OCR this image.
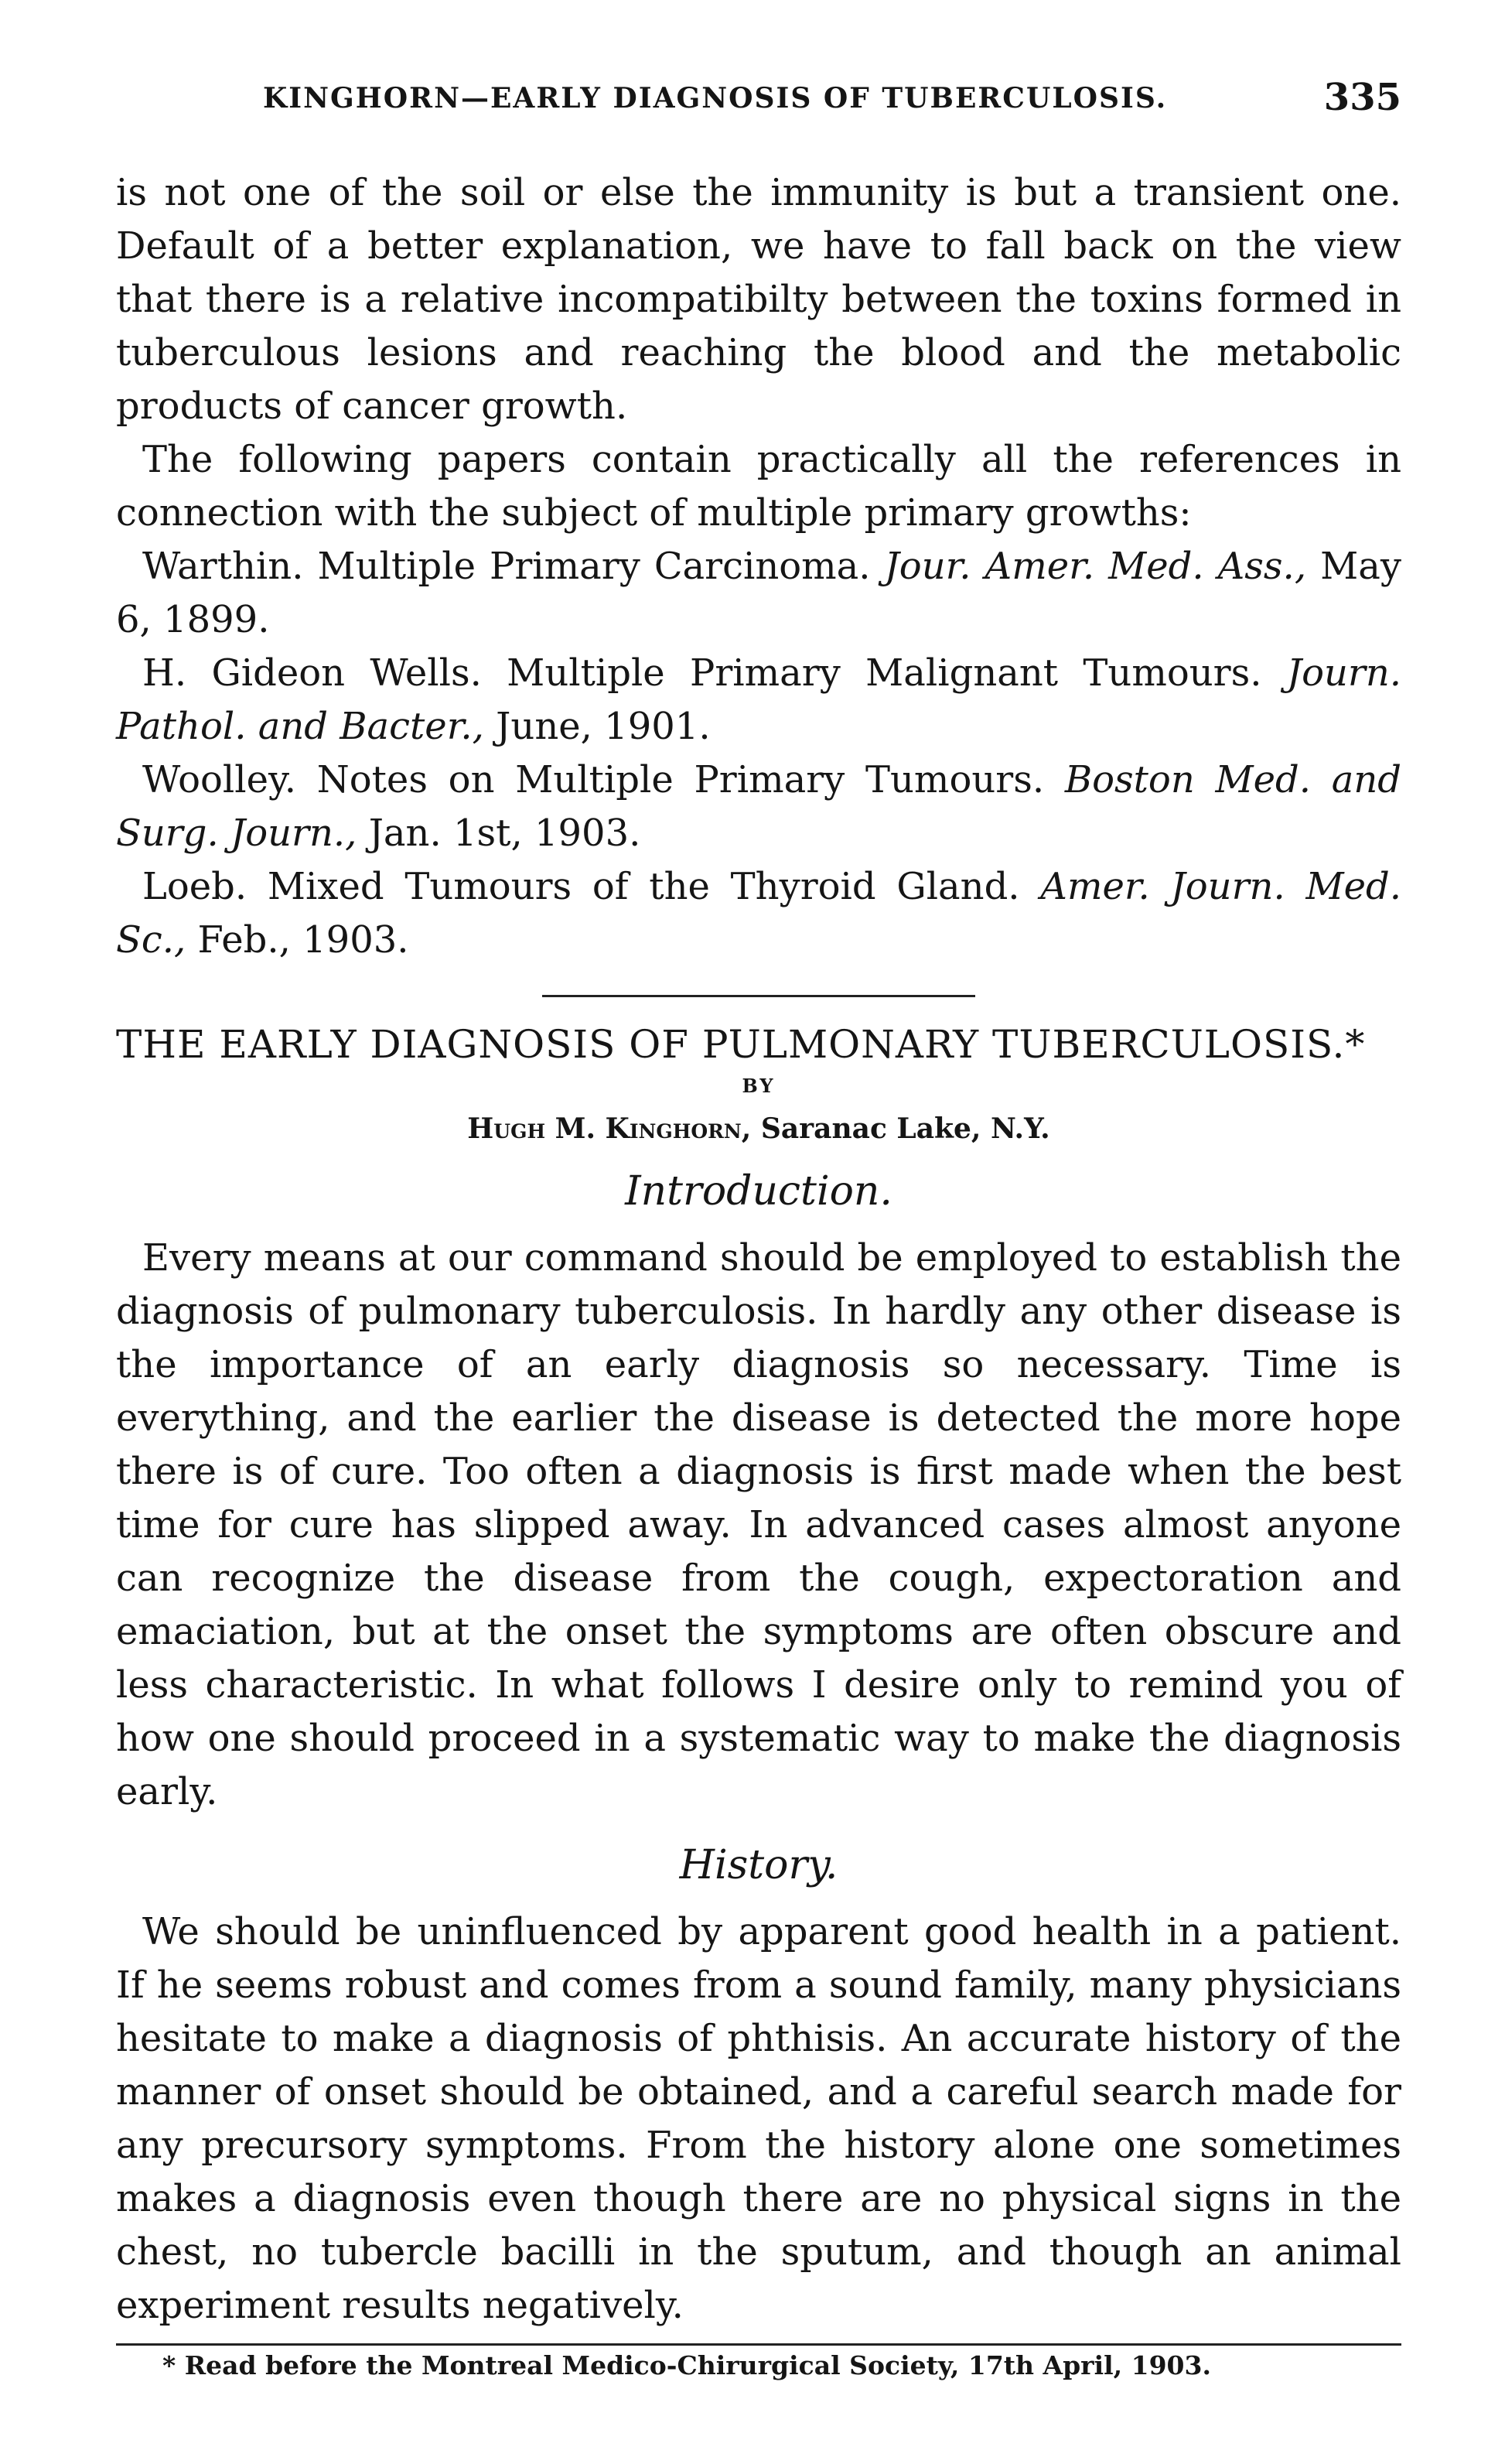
KINGHORN—EARLY DIAGNOSIS OF TUBERCULOSIS.	335

is not one of the soil or else the immunity is but a transient one. Default of a better explanation, we have to fall back on the view that there is a relative incompatibilty between the toxins formed in tuberculous lesions and reaching the blood and the metabolic products of cancer growth.

The following papers contain practically all the references in connection with the subject of multiple primary growths:

Warthin. Multiple Primary Carcinoma. Jour. Amer. Med. Ass., May 6, 1899.

H. Gideon Wells. Multiple Primary Malignant Tumours. Journ. Pathol. and Bacter., June, 1901.

Woolley. Notes on Multiple Primary Tumours. Boston Med. and Surg. Journ., Jan. 1st, 1903.

Loeb. Mixed Tumours of the Thyroid Gland. Amer. Journ. Med. Sc., Feb., 1903.

THE EARLY DIAGNOSIS OF PULMONARY TUBERCULOSIS.*
BY
Hugh M. Kinghorn, Saranac Lake, N.Y.
Introduction.

Every means at our command should be employed to establish the diagnosis of pulmonary tuberculosis. In hardly any other disease is the importance of an early diagnosis so necessary. Time is everything, and the earlier the disease is detected the more hope there is of cure. Too often a diagnosis is first made when the best time for cure has slipped away. In advanced cases almost anyone can recognize the disease from the cough, expectoration and emaciation, but at the onset the symptoms are often obscure and less characteristic. In what follows I desire only to remind you of how one should proceed in a systematic way to make the diagnosis early.

History.

We should be uninfluenced by apparent good health in a patient. If he seems robust and comes from a sound family, many physicians hesitate to make a diagnosis of phthisis. An accurate history of the manner of onset should be obtained, and a careful search made for any precursory symptoms. From the history alone one sometimes makes a diagnosis even though there are no physical signs in the chest, no tubercle bacilli in the sputum, and though an animal experiment results negatively.

* Read before the Montreal Medico-Chirurgical Society, 17th April, 1903.
